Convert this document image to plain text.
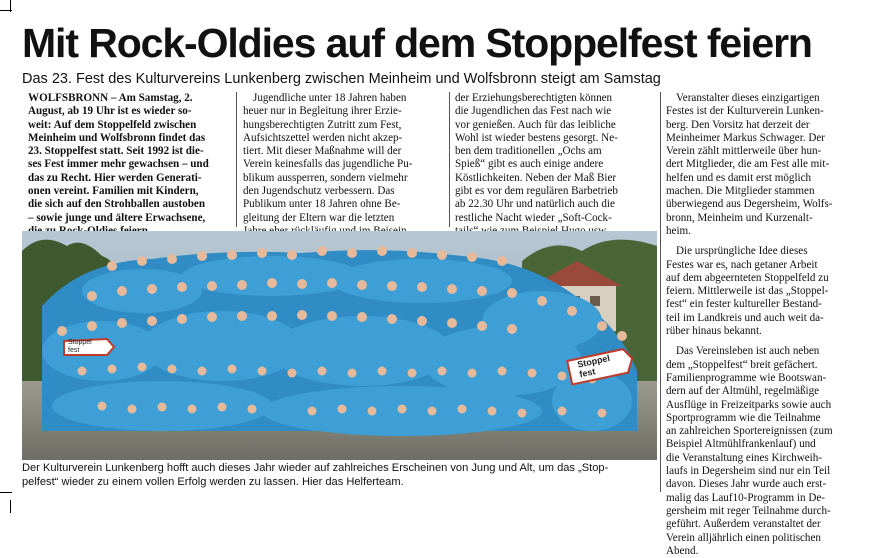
Mit Rock-Oldies auf dem Stoppelfest feiern
Das 23. Fest des Kulturvereins Lunkenberg zwischen Meinheim und Wolfsbronn steigt am Samstag

WOLFSBRONN – Am Samstag, 2.

August, ab 19 Uhr ist es wieder so-

weit: Auf dem Stoppelfeld zwischen

Meinheim und Wolfsbronn findet das

23. Stoppelfest statt. Seit 1992 ist die-

ses Fest immer mehr gewachsen – und

das zu Recht. Hier werden Generati-

onen vereint. Familien mit Kindern,

die sich auf den Strohballen austoben

– sowie junge und ältere Erwachsene,

Jugendliche unter 18 Jahren haben

heuer nur in Begleitung ihrer Erzie-

hungsberechtigten Zutritt zum Fest,

Aufsichtszettel werden nicht akzep-

tiert. Mit dieser Maßnahme will der

Verein keinesfalls das jugendliche Pu-

blikum aussperren, sondern vielmehr

den Jugendschutz verbessern. Das

Publikum unter 18 Jahren ohne Be-

gleitung der Eltern war die letzten

der Erziehungsberechtigten können

die Jugendlichen das Fest nach wie

vor genießen. Auch für das leibliche

Wohl ist wieder bestens gesorgt. Ne-

ben dem traditionellen „Ochs am

Spieß“ gibt es auch einige andere

Köstlichkeiten. Neben der Maß Bier

gibt es vor dem regulären Barbetrieb

ab 22.30 Uhr und natürlich auch die

restliche Nacht wieder „Soft-Cock-

Veranstalter dieses einzigartigen

Festes ist der Kulturverein Lunken-

berg. Den Vorsitz hat derzeit der

Meinheimer Markus Schwager. Der

Verein zählt mittlerweile über hun-

dert Mitglieder, die am Fest alle mit-

helfen und es damit erst möglich

machen. Die Mitglieder stammen

überwiegend aus Degersheim, Wolfs-

bronn, Meinheim und Kurzenalt-

heim.

Die ursprüngliche Idee dieses

Festes war es, nach getaner Arbeit

auf dem abgeernteten Stoppelfeld zu

feiern. Mittlerweile ist das „Stoppel-

fest“ ein fester kultureller Bestand-

teil im Landkreis und auch weit da-

rüber hinaus bekannt.

Das Vereinsleben ist auch neben

dem „Stoppelfest“ breit gefächert.

Familienprogramme wie Bootswan-

dern auf der Altmühl, regelmäßige

Ausflüge in Freizeitparks sowie auch

Sportprogramm wie die Teilnahme

an zahlreichen Sportereignissen (zum

Beispiel Altmühlfrankenlauf) und

die Veranstaltung eines Kirchweih-

laufs in Degersheim sind nur ein Teil

davon. Dieses Jahr wurde auch erst-

malig das Lauf10-Programm in De-

gersheim mit reger Teilnahme durch-

geführt. Außerdem veranstaltet der

Verein alljährlich einen politischen

Abend.

Stoppel
fest
Stoppel
fest
Der Kulturverein Lunkenberg hofft auch dieses Jahr wieder auf zahlreiches Erscheinen von Jung und Alt, um das „Stop-
pelfest“ wieder zu einem vollen Erfolg werden zu lassen. Hier das Helferteam.
